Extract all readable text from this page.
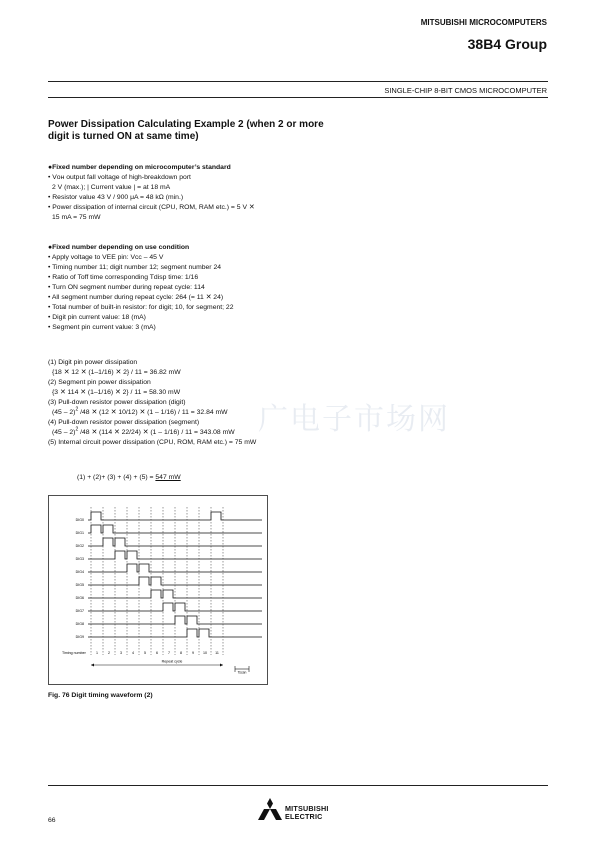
广电子市场网
MITSUBISHI MICROCOMPUTERS
38B4 Group
SINGLE-CHIP 8-BIT CMOS MICROCOMPUTER
Power Dissipation Calculating Example 2 (when 2 or more digit is turned ON at same time)
●Fixed number depending on microcomputer’s standard
• Vᴏʜ output fall voltage of high-breakdown port
2 V (max.); | Current value | = at 18 mA
• Resistor value 43 V / 900 μA = 48 kΩ (min.)
• Power dissipation of internal circuit (CPU, ROM, RAM etc.) = 5 V ✕
15 mA = 75 mW
●Fixed number depending on use condition
• Apply voltage to VEE pin: Vcc – 45 V
• Timing number 11; digit number 12; segment number 24
• Ratio of Toff time corresponding Tdisp time: 1/16
• Turn ON segment number during repeat cycle: 114
• All segment number during repeat cycle: 264 (= 11 ✕ 24)
• Total number of built-in resistor: for digit; 10, for segment; 22
• Digit pin current value: 18 (mA)
• Segment pin current value: 3 (mA)
(1) Digit pin power dissipation
{18 ✕ 12 ✕ (1–1/16) ✕ 2} / 11 = 36.82 mW
(2) Segment pin power dissipation
{3 ✕ 114 ✕ (1–1/16) ✕ 2} / 11 = 58.30 mW
(3) Pull-down resistor power dissipation (digit)
(45 – 2)$^2$ /48 ✕ (12 ✕ 10/12) ✕ (1 – 1/16) / 11 = 32.84 mW
(4) Pull-down resistor power dissipation (segment)
(45 – 2)$^2$ /48 ✕ (114 ✕ 22/24) ✕ (1 – 1/16) / 11 = 343.08 mW
(5) Internal circuit power dissipation (CPU, ROM, RAM etc.) = 75 mW
(1) + (2)+ (3) + (4) + (5) = 547 mW
DIG0
DIG1
DIG2
DIG3
DIG4
DIG5
DIG6
DIG7
DIG8
DIG9
1	2	3	4	5	6	7	8	9	10 11
Timing number
Repeat cycle
Tscan
Fig. 76 Digit timing waveform (2)
66
MITSUBISHI
ELECTRIC
